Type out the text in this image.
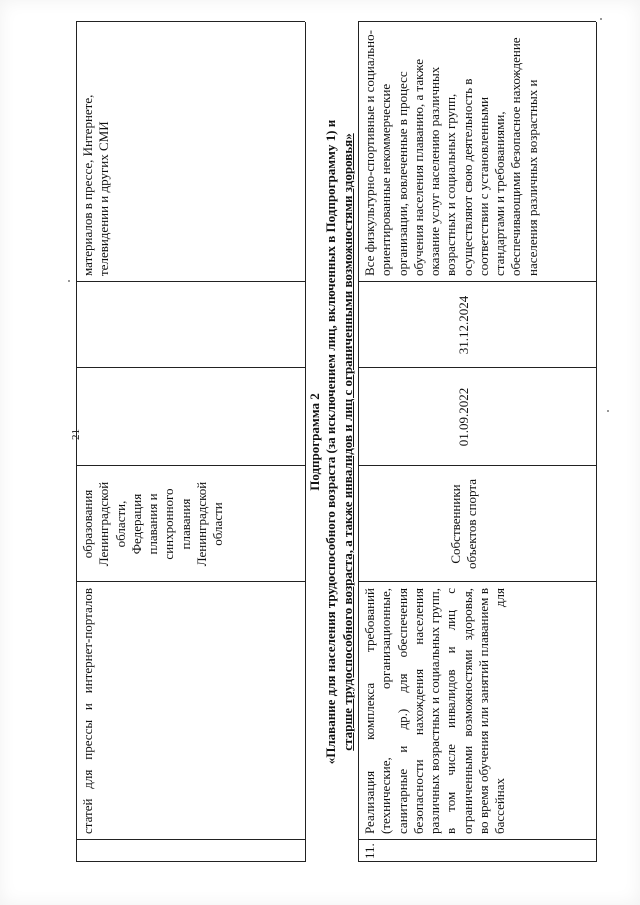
21
статей для прессы и интернет-порталов
образования Ленинградской области, Федерация плавания и синхронного плавания Ленинградской области
материалов в прессе, Интернете, телевидении и других СМИ
Подпрограмма 2 «Плавание для населения трудоспособного возраста (за исключением лиц, включенных в Подпрограмму 1) и старше трудоспособного возраста, а также инвалидов и лиц с ограниченными возможностями здоровья»
11.
Реализация комплекса требований (технические, организационные, санитарные и др.) для обеспечения безопасности нахождения населения различных возрастных и социальных групп, в том числе инвалидов и лиц с ограниченными возможностями здоровья, во время обучения или занятий плаванием в бассейнах для
Собственники объектов спорта
01.09.2022
31.12.2024
Все физкультурно-спортивные и социально-ориентированные некоммерческие организации, вовлеченные в процесс обучения населения плаванию, а также оказание услуг населению различных возрастных и социальных групп, осуществляют свою деятельность в соответствии с установленными стандартами и требованиями, обеспечивающими безопасное нахождение населения различных возрастных и
